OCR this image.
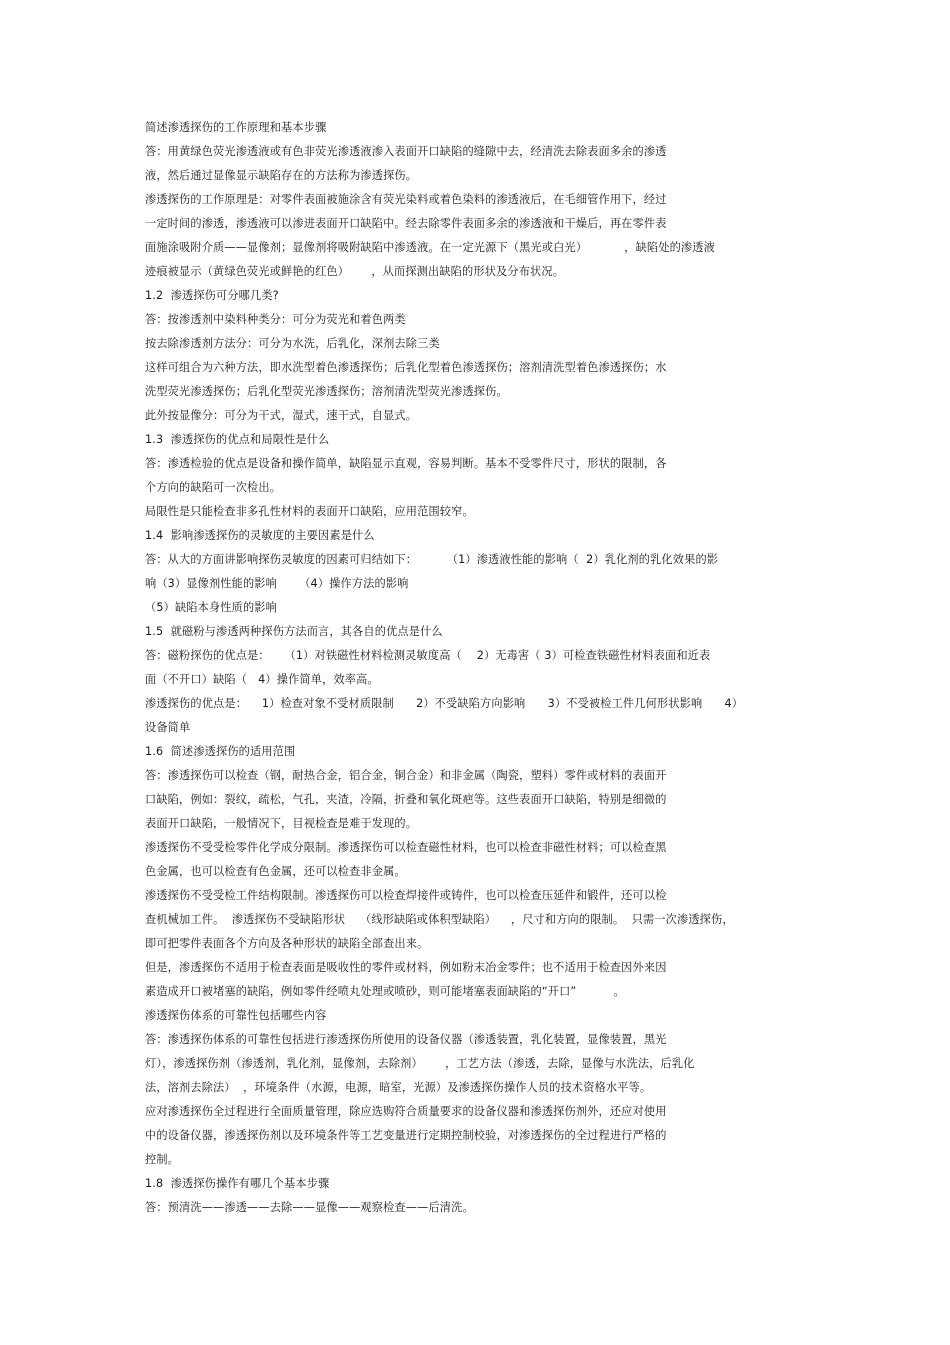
简述渗透探伤的工作原理和基本步骤
答：用黄绿色荧光渗透液或有色非荧光渗透液渗入表面开口缺陷的缝隙中去，经清洗去除表面多余的渗透
液，然后通过显像显示缺陷存在的方法称为渗透探伤。
渗透探伤的工作原理是：对零件表面被施涂含有荧光染料或着色染料的渗透液后，在毛细管作用下，经过
一定时间的渗透，渗透液可以渗进表面开口缺陷中。经去除零件表面多余的渗透液和干燥后，再在零件表
面施涂吸附介质——显像剂；显像剂将吸附缺陷中渗透液。在一定光源下（黑光或白光）          ，缺陷处的渗透液
迹痕被显示（黄绿色荧光或鲜艳的红色）      ，从而探测出缺陷的形状及分布状况。
1.2  渗透探伤可分哪几类?
答：按渗透剂中染料种类分：可分为荧光和着色两类
按去除渗透剂方法分：可分为水洗，后乳化，深剂去除三类
这样可组合为六种方法，即水洗型着色渗透探伤；后乳化型着色渗透探伤；溶剂清洗型着色渗透探伤；水
洗型荧光渗透探伤；后乳化型荧光渗透探伤；溶剂清洗型荧光渗透探伤。
此外按显像分：可分为干式，湿式，速干式，自显式。
1.3  渗透探伤的优点和局限性是什么
答：渗透检验的优点是设备和操作简单，缺陷显示直观，容易判断。基本不受零件尺寸，形状的限制，各
个方向的缺陷可一次检出。
局限性是只能检查非多孔性材料的表面开口缺陷，应用范围较窄。
1.4  影响渗透探伤的灵敏度的主要因素是什么
答：从大的方面讲影响探伤灵敏度的因素可归结如下：        （1）渗透液性能的影响（  2）乳化剂的乳化效果的影
响（3）显像剂性能的影响      （4）操作方法的影响
（5）缺陷本身性质的影响
1.5  就磁粉与渗透两种探伤方法而言，其各自的优点是什么
答：磁粉探伤的优点是：    （1）对铁磁性材料检测灵敏度高（    2）无毒害（ 3）可检查铁磁性材料表面和近表
面（不开口）缺陷（   4）操作简单，效率高。
渗透探伤的优点是：    1）检查对象不受材质限制      2）不受缺陷方向影响      3）不受被检工件几何形状影响      4）
设备简单
1.6  简述渗透探伤的适用范围
答：渗透探伤可以检查（钢，耐热合金，铝合金，铜合金）和非金属（陶瓷，塑料）零件或材料的表面开
口缺陷，例如：裂纹，疏松，气孔，夹渣，冷隔，折叠和氧化斑疤等。这些表面开口缺陷，特别是细微的
表面开口缺陷，一般情况下，目视检查是难于发现的。
渗透探伤不受受检零件化学成分限制。渗透探伤可以检查磁性材料，也可以检查非磁性材料；可以检查黑
色金属，也可以检查有色金属，还可以检查非金属。
渗透探伤不受受检工件结构限制。渗透探伤可以检查焊接件或铸件，也可以检查压延件和锻件，还可以检
查机械加工件。  渗透探伤不受缺陷形状    （线形缺陷或体积型缺陷）    ，尺寸和方向的限制。  只需一次渗透探伤，
即可把零件表面各个方向及各种形状的缺陷全部查出来。
但是，渗透探伤不适用于检查表面是吸收性的零件或材料，例如粉末冶金零件；也不适用于检查因外来因
素造成开口被堵塞的缺陷，例如零件经喷丸处理或喷砂，则可能堵塞表面缺陷的“开口”          。
渗透探伤体系的可靠性包括哪些内容
答：渗透探伤体系的可靠性包括进行渗透探伤所使用的设备仪器（渗透装置，乳化装置，显像装置，黑光
灯），渗透探伤剂（渗透剂，乳化剂，显像剂，去除剂）      ，工艺方法（渗透，去除，显像与水洗法，后乳化
法，溶剂去除法）  ，环境条件（水源，电源，暗室，光源）及渗透探伤操作人员的技术资格水平等。
应对渗透探伤全过程进行全面质量管理，除应选购符合质量要求的设备仪器和渗透探伤剂外，还应对使用
中的设备仪器，渗透探伤剂以及环境条件等工艺变量进行定期控制校验，对渗透探伤的全过程进行严格的
控制。
1.8  渗透探伤操作有哪几个基本步骤
答：预清洗——渗透——去除——显像——观察检查——后清洗。
